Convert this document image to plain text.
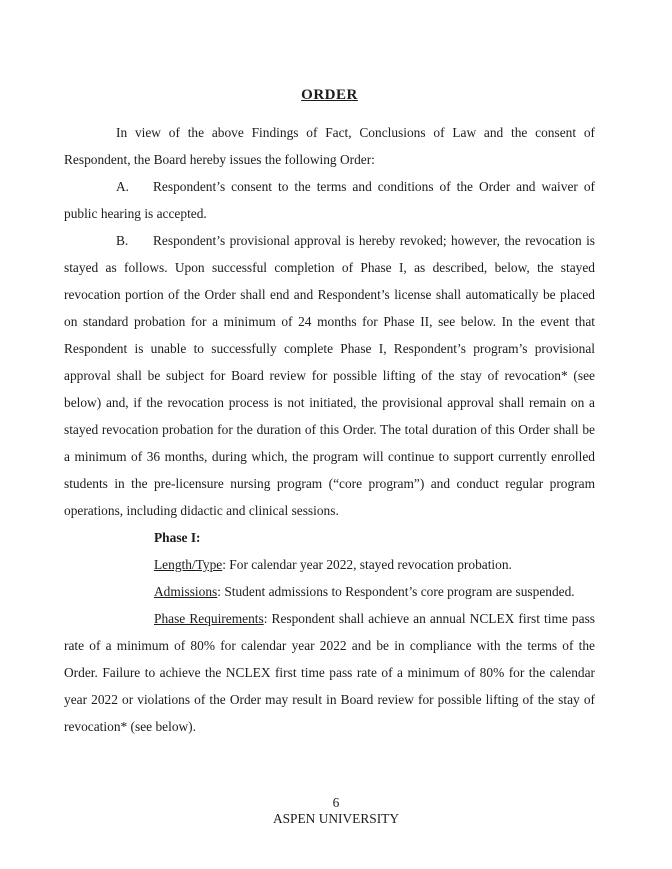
ORDER

In view of the above Findings of Fact, Conclusions of Law and the consent of Respondent, the Board hereby issues the following Order:

A. Respondent’s consent to the terms and conditions of the Order and waiver of public hearing is accepted.

B. Respondent’s provisional approval is hereby revoked; however, the revocation is stayed as follows. Upon successful completion of Phase I, as described, below, the stayed revocation portion of the Order shall end and Respondent’s license shall automatically be placed on standard probation for a minimum of 24 months for Phase II, see below. In the event that Respondent is unable to successfully complete Phase I, Respondent’s program’s provisional approval shall be subject for Board review for possible lifting of the stay of revocation* (see below) and, if the revocation process is not initiated, the provisional approval shall remain on a stayed revocation probation for the duration of this Order. The total duration of this Order shall be a minimum of 36 months, during which, the program will continue to support currently enrolled students in the pre-licensure nursing program (“core program”) and conduct regular program operations, including didactic and clinical sessions.

Phase I:

Length/Type: For calendar year 2022, stayed revocation probation.

Admissions: Student admissions to Respondent’s core program are suspended.

Phase Requirements: Respondent shall achieve an annual NCLEX first time pass rate of a minimum of 80% for calendar year 2022 and be in compliance with the terms of the Order. Failure to achieve the NCLEX first time pass rate of a minimum of 80% for the calendar year 2022 or violations of the Order may result in Board review for possible lifting of the stay of revocation* (see below).

6
ASPEN UNIVERSITY
